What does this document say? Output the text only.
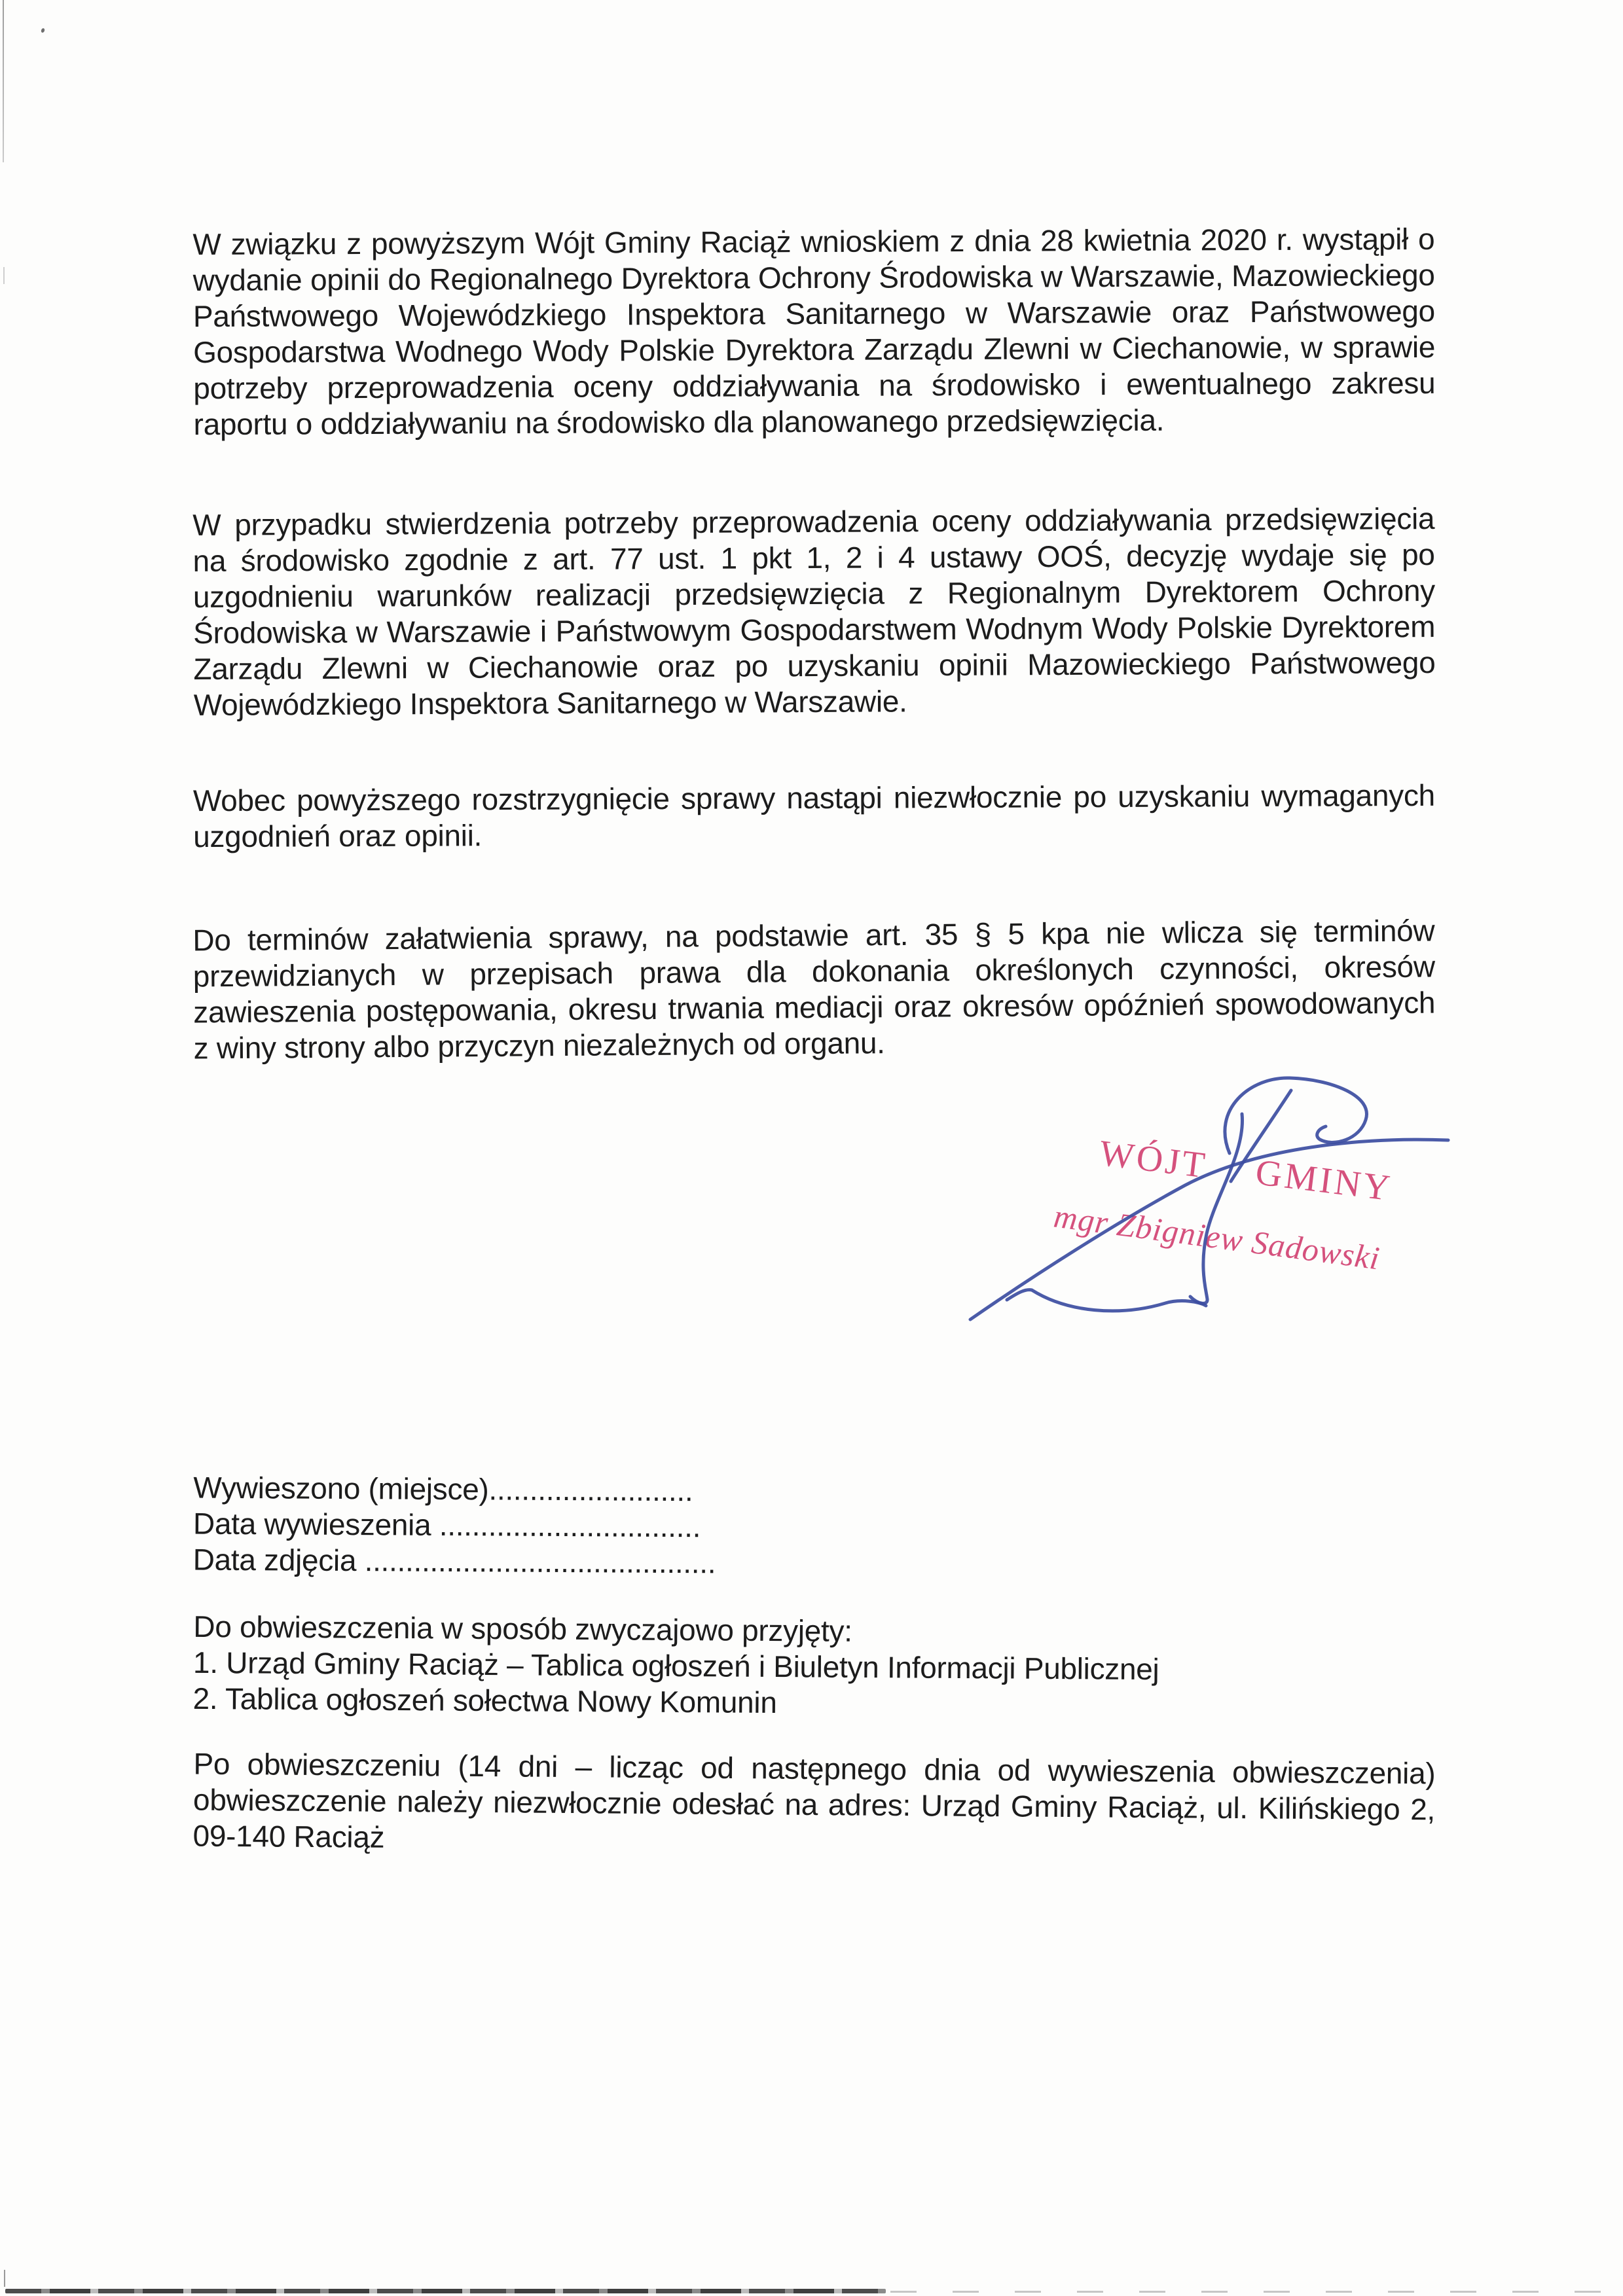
W związku z powyższym Wójt Gminy Raciąż wnioskiem z dnia 28 kwietnia 2020 r. wystąpił o wydanie opinii do Regionalnego Dyrektora Ochrony Środowiska w Warszawie, Mazowieckiego Państwowego Wojewódzkiego Inspektora Sanitarnego w Warszawie oraz Państwowego Gospodarstwa Wodnego Wody Polskie Dyrektora Zarządu Zlewni w Ciechanowie, w sprawie potrzeby przeprowadzenia oceny oddziaływania na środowisko i ewentualnego zakresu raportu o oddziaływaniu na środowisko dla planowanego przedsięwzięcia.
W przypadku stwierdzenia potrzeby przeprowadzenia oceny oddziaływania przedsięwzięcia na środowisko zgodnie z art. 77 ust. 1 pkt 1, 2 i 4 ustawy OOŚ, decyzję wydaje się po uzgodnieniu warunków realizacji przedsięwzięcia z Regionalnym Dyrektorem Ochrony Środowiska w Warszawie i Państwowym Gospodarstwem Wodnym Wody Polskie Dyrektorem Zarządu Zlewni w Ciechanowie oraz po uzyskaniu opinii Mazowieckiego Państwowego Wojewódzkiego Inspektora Sanitarnego w Warszawie.
Wobec powyższego rozstrzygnięcie sprawy nastąpi niezwłocznie po uzyskaniu wymaganych uzgodnień oraz opinii.
Do terminów załatwienia sprawy, na podstawie art. 35 § 5 kpa nie wlicza się terminów przewidzianych w przepisach prawa dla dokonania określonych czynności, okresów zawieszenia postępowania, okresu trwania mediacji oraz okresów opóźnień spowodowanych z winy strony albo przyczyn niezależnych od organu.
WÓJT GMINY
mgr Zbigniew Sadowski
Wywieszono (miejsce).........................
Data wywieszenia ................................
Data zdjęcia ...........................................
Do obwieszczenia w sposób zwyczajowo przyjęty:
1. Urząd Gminy Raciąż – Tablica ogłoszeń i Biuletyn Informacji Publicznej
2. Tablica ogłoszeń sołectwa Nowy Komunin
Po obwieszczeniu (14 dni – licząc od następnego dnia od wywieszenia obwieszczenia) obwieszczenie należy niezwłocznie odesłać na adres: Urząd Gminy Raciąż, ul. Kilińskiego 2, 09-140 Raciąż
